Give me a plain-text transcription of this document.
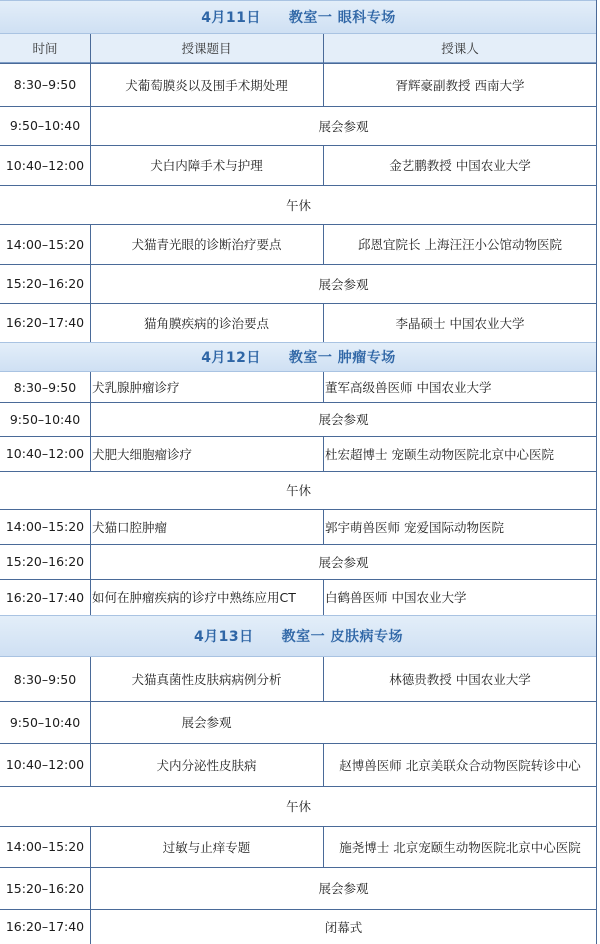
4月11日 教室一 眼科专场
时间	授课题目	授课人
8:30–9:50	犬葡萄膜炎以及围手术期处理	胥辉豪副教授 西南大学
9:50–10:40	展会参观
10:40–12:00	犬白内障手术与护理	金艺鹏教授 中国农业大学
午休
14:00–15:20	犬猫青光眼的诊断治疗要点	邱恩宜院长 上海汪汪小公馆动物医院
15:20–16:20	展会参观
16:20–17:40	猫角膜疾病的诊治要点	李晶硕士 中国农业大学
4月12日 教室一 肿瘤专场
8:30–9:50	犬乳腺肿瘤诊疗	董军高级兽医师 中国农业大学
9:50–10:40	展会参观
10:40–12:00 犬肥大细胞瘤诊疗	杜宏超博士 宠颐生动物医院北京中心医院
午休
14:00–15:20 犬猫口腔肿瘤	郭宇萌兽医师 宠爱国际动物医院
15:20–16:20	展会参观
16:20–17:40 如何在肿瘤疾病的诊疗中熟练应用CT	白鹤兽医师 中国农业大学
4月13日 教室一 皮肤病专场
8:30–9:50	犬猫真菌性皮肤病病例分析	林德贵教授 中国农业大学
9:50–10:40	展会参观
10:40–12:00	犬内分泌性皮肤病	赵博兽医师 北京美联众合动物医院转诊中心
午休
14:00–15:20	过敏与止痒专题	施尧博士 北京宠颐生动物医院北京中心医院
15:20–16:20	展会参观
16:20–17:40	闭幕式
